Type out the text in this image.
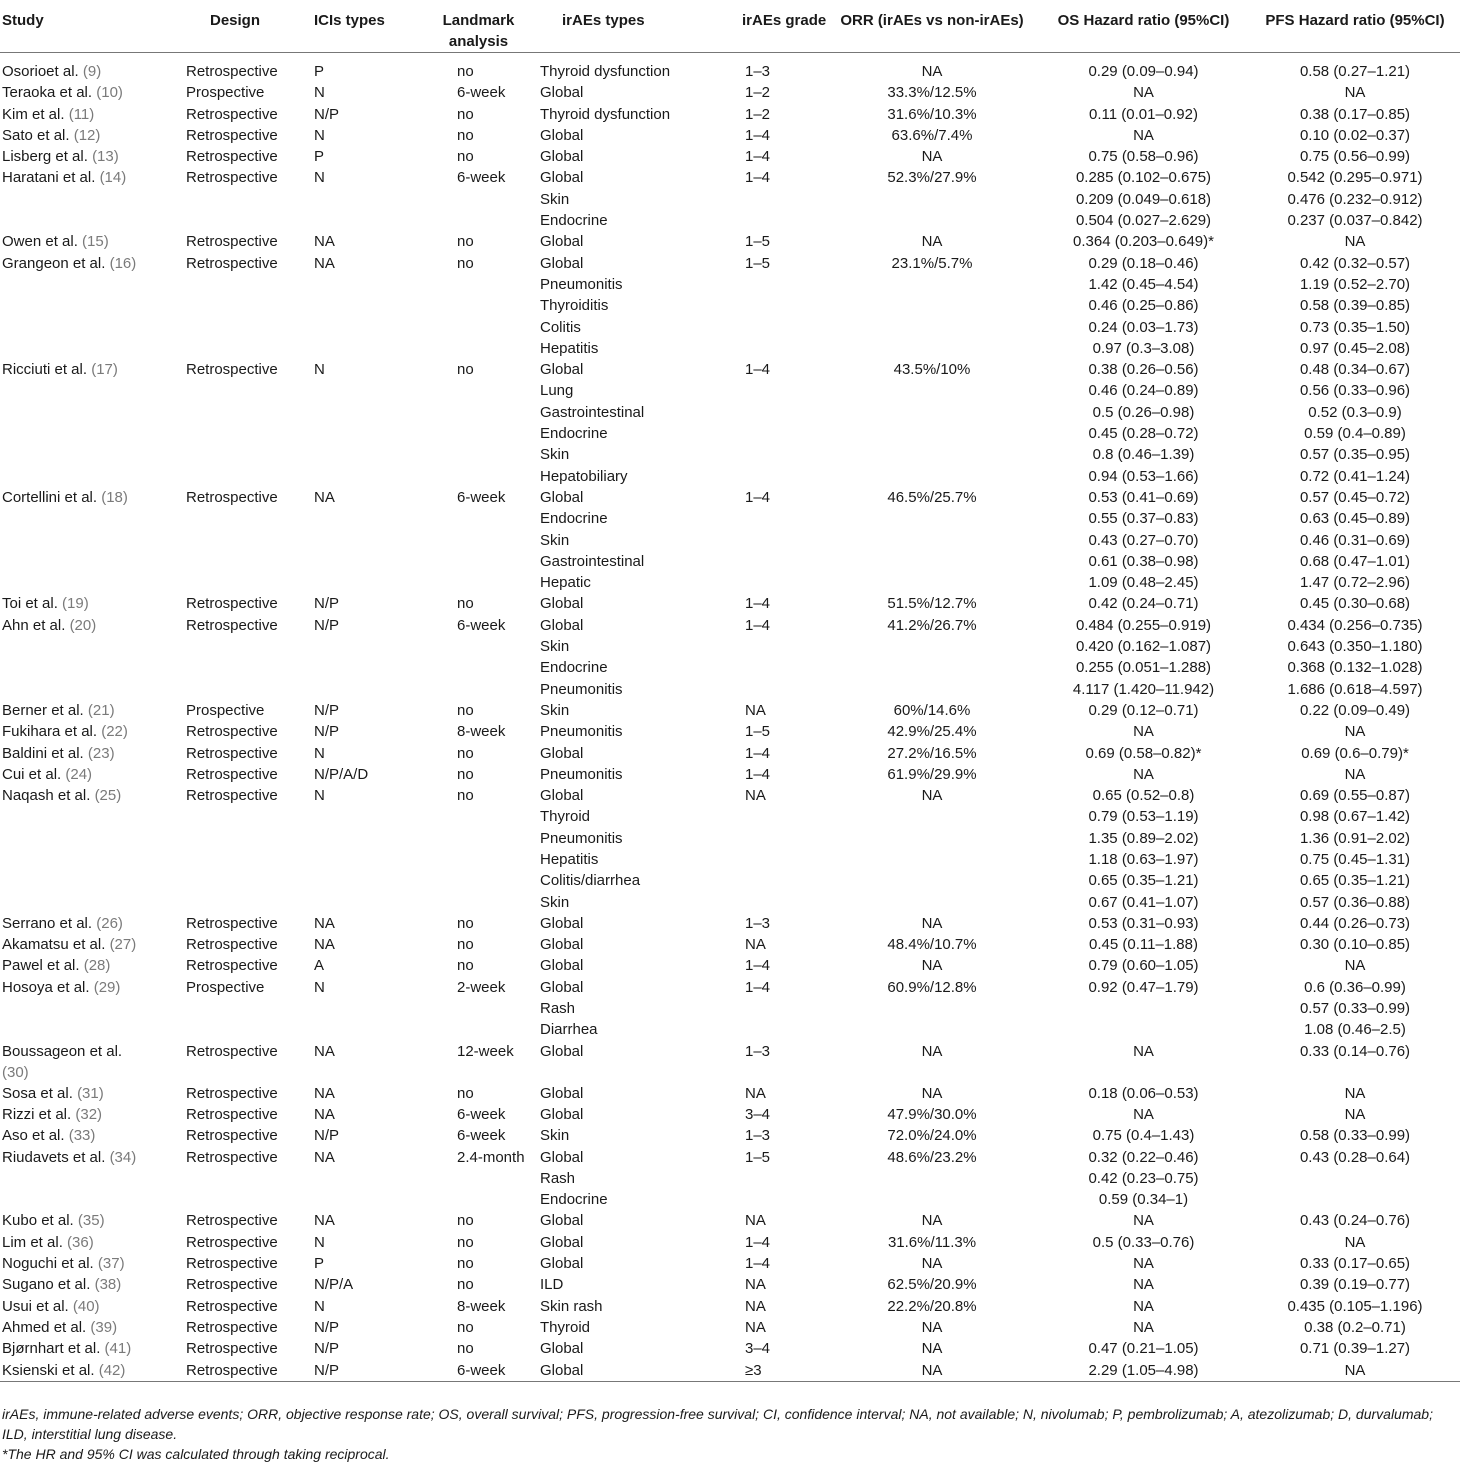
Study	Design	ICIs types	Landmark analysis	irAEs types	irAEs grade	ORR (irAEs vs non-irAEs)	OS Hazard ratio (95%CI)	PFS Hazard ratio (95%CI)
Osorioet al. (9)	Retrospective	P	no	Thyroid dysfunction	1–3	NA	0.29 (0.09–0.94)	0.58 (0.27–1.21)
Teraoka et al. (10)	Prospective	N	6-week	Global	1–2	33.3%/12.5%	NA	NA
Kim et al. (11)	Retrospective	N/P	no	Thyroid dysfunction	1–2	31.6%/10.3%	0.11 (0.01–0.92)	0.38 (0.17–0.85)
Sato et al. (12)	Retrospective	N	no	Global	1–4	63.6%/7.4%	NA	0.10 (0.02–0.37)
Lisberg et al. (13)	Retrospective	P	no	Global	1–4	NA	0.75 (0.58–0.96)	0.75 (0.56–0.99)
Haratani et al. (14)	Retrospective	N	6-week	Global	1–4	52.3%/27.9%	0.285 (0.102–0.675)	0.542 (0.295–0.971)
				Skin			0.209 (0.049–0.618)	0.476 (0.232–0.912)
				Endocrine			0.504 (0.027–2.629)	0.237 (0.037–0.842)
Owen et al. (15)	Retrospective	NA	no	Global	1–5	NA	0.364 (0.203–0.649)*	NA
Grangeon et al. (16)	Retrospective	NA	no	Global	1–5	23.1%/5.7%	0.29 (0.18–0.46)	0.42 (0.32–0.57)
				Pneumonitis			1.42 (0.45–4.54)	1.19 (0.52–2.70)
				Thyroiditis			0.46 (0.25–0.86)	0.58 (0.39–0.85)
				Colitis			0.24 (0.03–1.73)	0.73 (0.35–1.50)
				Hepatitis			0.97 (0.3–3.08)	0.97 (0.45–2.08)
Ricciuti et al. (17)	Retrospective	N	no	Global	1–4	43.5%/10%	0.38 (0.26–0.56)	0.48 (0.34–0.67)
				Lung			0.46 (0.24–0.89)	0.56 (0.33–0.96)
				Gastrointestinal			0.5 (0.26–0.98)	0.52 (0.3–0.9)
				Endocrine			0.45 (0.28–0.72)	0.59 (0.4–0.89)
				Skin			0.8 (0.46–1.39)	0.57 (0.35–0.95)
				Hepatobiliary			0.94 (0.53–1.66)	0.72 (0.41–1.24)
Cortellini et al. (18)	Retrospective	NA	6-week	Global	1–4	46.5%/25.7%	0.53 (0.41–0.69)	0.57 (0.45–0.72)
				Endocrine			0.55 (0.37–0.83)	0.63 (0.45–0.89)
				Skin			0.43 (0.27–0.70)	0.46 (0.31–0.69)
				Gastrointestinal			0.61 (0.38–0.98)	0.68 (0.47–1.01)
				Hepatic			1.09 (0.48–2.45)	1.47 (0.72–2.96)
Toi et al. (19)	Retrospective	N/P	no	Global	1–4	51.5%/12.7%	0.42 (0.24–0.71)	0.45 (0.30–0.68)
Ahn et al. (20)	Retrospective	N/P	6-week	Global	1–4	41.2%/26.7%	0.484 (0.255–0.919)	0.434 (0.256–0.735)
				Skin			0.420 (0.162–1.087)	0.643 (0.350–1.180)
				Endocrine			0.255 (0.051–1.288)	0.368 (0.132–1.028)
				Pneumonitis			4.117 (1.420–11.942)	1.686 (0.618–4.597)
Berner et al. (21)	Prospective	N/P	no	Skin	NA	60%/14.6%	0.29 (0.12–0.71)	0.22 (0.09–0.49)
Fukihara et al. (22)	Retrospective	N/P	8-week	Pneumonitis	1–5	42.9%/25.4%	NA	NA
Baldini et al. (23)	Retrospective	N	no	Global	1–4	27.2%/16.5%	0.69 (0.58–0.82)*	0.69 (0.6–0.79)*
Cui et al. (24)	Retrospective	N/P/A/D	no	Pneumonitis	1–4	61.9%/29.9%	NA	NA
Naqash et al. (25)	Retrospective	N	no	Global	NA	NA	0.65 (0.52–0.8)	0.69 (0.55–0.87)
				Thyroid			0.79 (0.53–1.19)	0.98 (0.67–1.42)
				Pneumonitis			1.35 (0.89–2.02)	1.36 (0.91–2.02)
				Hepatitis			1.18 (0.63–1.97)	0.75 (0.45–1.31)
				Colitis/diarrhea			0.65 (0.35–1.21)	0.65 (0.35–1.21)
				Skin			0.67 (0.41–1.07)	0.57 (0.36–0.88)
Serrano et al. (26)	Retrospective	NA	no	Global	1–3	NA	0.53 (0.31–0.93)	0.44 (0.26–0.73)
Akamatsu et al. (27)	Retrospective	NA	no	Global	NA	48.4%/10.7%	0.45 (0.11–1.88)	0.30 (0.10–0.85)
Pawel et al. (28)	Retrospective	A	no	Global	1–4	NA	0.79 (0.60–1.05)	NA
Hosoya et al. (29)	Prospective	N	2-week	Global	1–4	60.9%/12.8%	0.92 (0.47–1.79)	0.6 (0.36–0.99)
				Rash				0.57 (0.33–0.99)
				Diarrhea				1.08 (0.46–2.5)
Boussageon et al. (30)	Retrospective	NA	12-week	Global	1–3	NA	NA	0.33 (0.14–0.76)
Sosa et al. (31)	Retrospective	NA	no	Global	NA	NA	0.18 (0.06–0.53)	NA
Rizzi et al. (32)	Retrospective	NA	6-week	Global	3–4	47.9%/30.0%	NA	NA
Aso et al. (33)	Retrospective	N/P	6-week	Skin	1–3	72.0%/24.0%	0.75 (0.4–1.43)	0.58 (0.33–0.99)
Riudavets et al. (34)	Retrospective	NA	2.4-month	Global	1–5	48.6%/23.2%	0.32 (0.22–0.46)	0.43 (0.28–0.64)
				Rash			0.42 (0.23–0.75)	
				Endocrine			0.59 (0.34–1)	
Kubo et al. (35)	Retrospective	NA	no	Global	NA	NA	NA	0.43 (0.24–0.76)
Lim et al. (36)	Retrospective	N	no	Global	1–4	31.6%/11.3%	0.5 (0.33–0.76)	NA
Noguchi et al. (37)	Retrospective	P	no	Global	1–4	NA	NA	0.33 (0.17–0.65)
Sugano et al. (38)	Retrospective	N/P/A	no	ILD	NA	62.5%/20.9%	NA	0.39 (0.19–0.77)
Usui et al. (40)	Retrospective	N	8-week	Skin rash	NA	22.2%/20.8%	NA	0.435 (0.105–1.196)
Ahmed et al. (39)	Retrospective	N/P	no	Thyroid	NA	NA	NA	0.38 (0.2–0.71)
Bjørnhart et al. (41)	Retrospective	N/P	no	Global	3–4	NA	0.47 (0.21–1.05)	0.71 (0.39–1.27)
Ksienski et al. (42)	Retrospective	N/P	6-week	Global	≥3	NA	2.29 (1.05–4.98)	NA

irAEs, immune-related adverse events; ORR, objective response rate; OS, overall survival; PFS, progression-free survival; CI, confidence interval; NA, not available; N, nivolumab; P, pembrolizumab; A, atezolizumab; D, durvalumab; ILD, interstitial lung disease.

*The HR and 95% CI was calculated through taking reciprocal.
